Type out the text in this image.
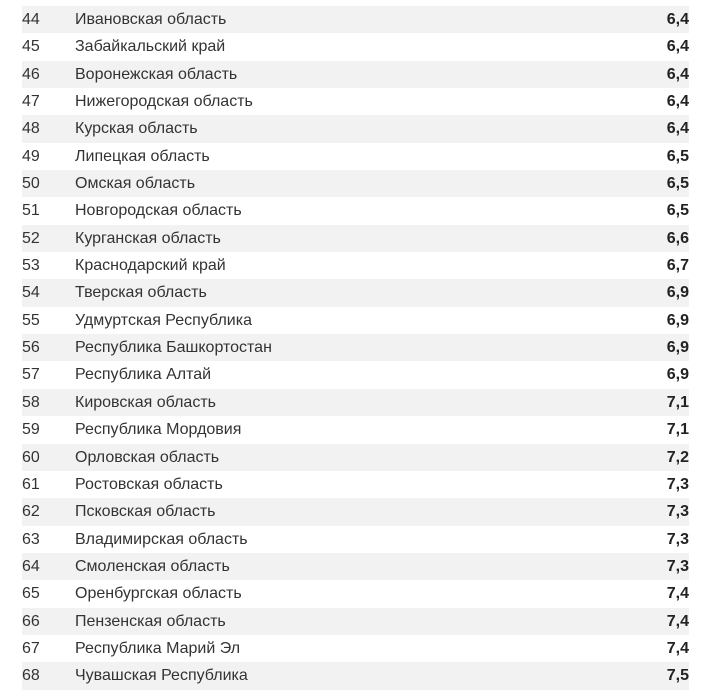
44	Ивановская область	6,4
45	Забайкальский край	6,4
46	Воронежская область	6,4
47	Нижегородская область	6,4
48	Курская область	6,4
49	Липецкая область	6,5
50	Омская область	6,5
51	Новгородская область	6,5
52	Курганская область	6,6
53	Краснодарский край	6,7
54	Тверская область	6,9
55	Удмуртская Республика	6,9
56	Республика Башкортостан	6,9
57	Республика Алтай	6,9
58	Кировская область	7,1
59	Республика Мордовия	7,1
60	Орловская область	7,2
61	Ростовская область	7,3
62	Псковская область	7,3
63	Владимирская область	7,3
64	Смоленская область	7,3
65	Оренбургская область	7,4
66	Пензенская область	7,4
67	Республика Марий Эл	7,4
68	Чувашская Республика	7,5
